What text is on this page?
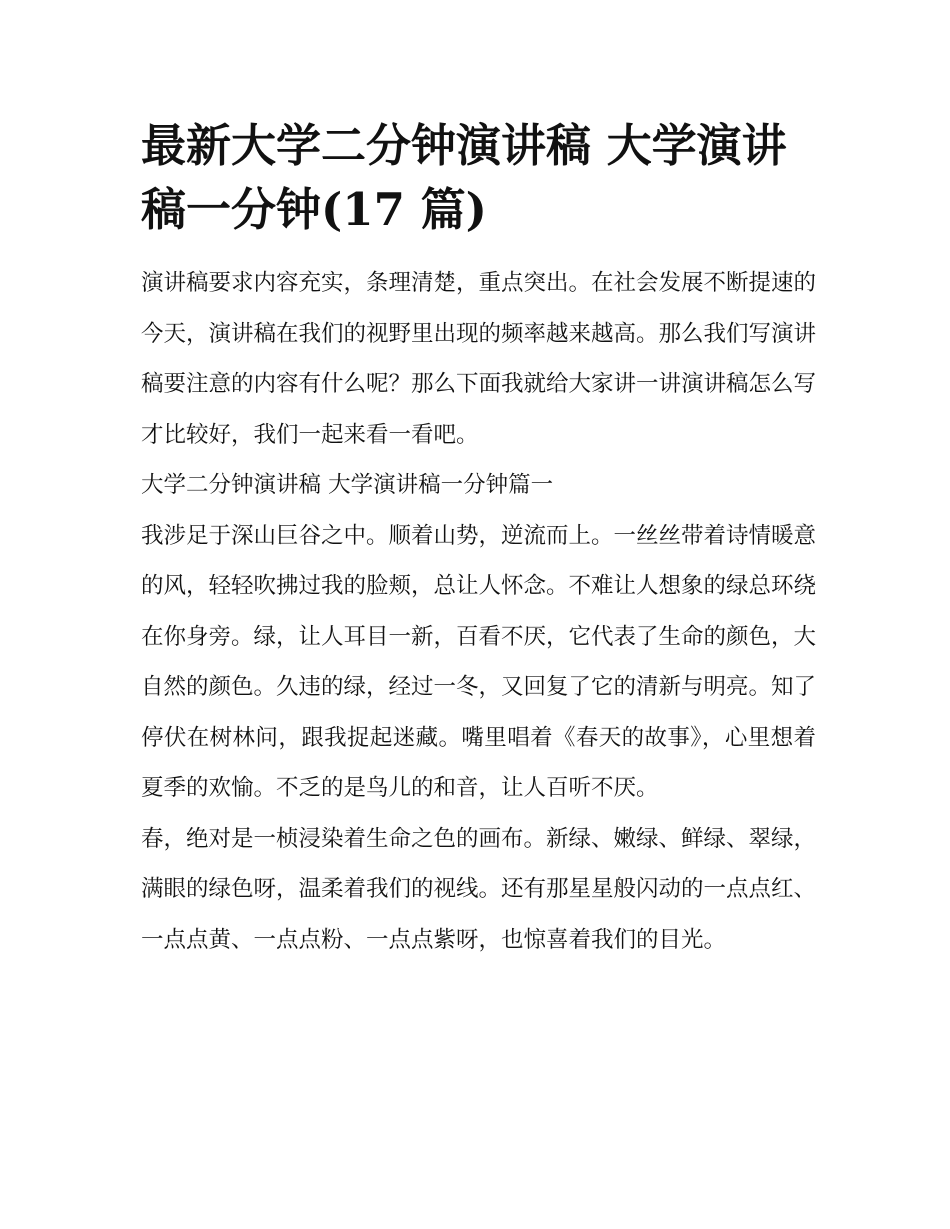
最新大学二分钟演讲稿 大学演讲稿一分钟(17 篇)

演讲稿要求内容充实，条理清楚，重点突出。在社会发展不断提速的今天，演讲稿在我们的视野里出现的频率越来越高。那么我们写演讲稿要注意的内容有什么呢？那么下面我就给大家讲一讲演讲稿怎么写才比较好，我们一起来看一看吧。

大学二分钟演讲稿 大学演讲稿一分钟篇一

我涉足于深山巨谷之中。顺着山势，逆流而上。一丝丝带着诗情暖意的风，轻轻吹拂过我的脸颊，总让人怀念。不难让人想象的绿总环绕在你身旁。绿，让人耳目一新，百看不厌，它代表了生命的颜色，大自然的颜色。久违的绿，经过一冬，又回复了它的清新与明亮。知了停伏在树林问，跟我捉起迷藏。嘴里唱着《春天的故事》，心里想着夏季的欢愉。不乏的是鸟儿的和音，让人百听不厌。

春，绝对是一桢浸染着生命之色的画布。新绿、嫩绿、鲜绿、翠绿，满眼的绿色呀，温柔着我们的视线。还有那星星般闪动的一点点红、一点点黄、一点点粉、一点点紫呀，也惊喜着我们的目光。
